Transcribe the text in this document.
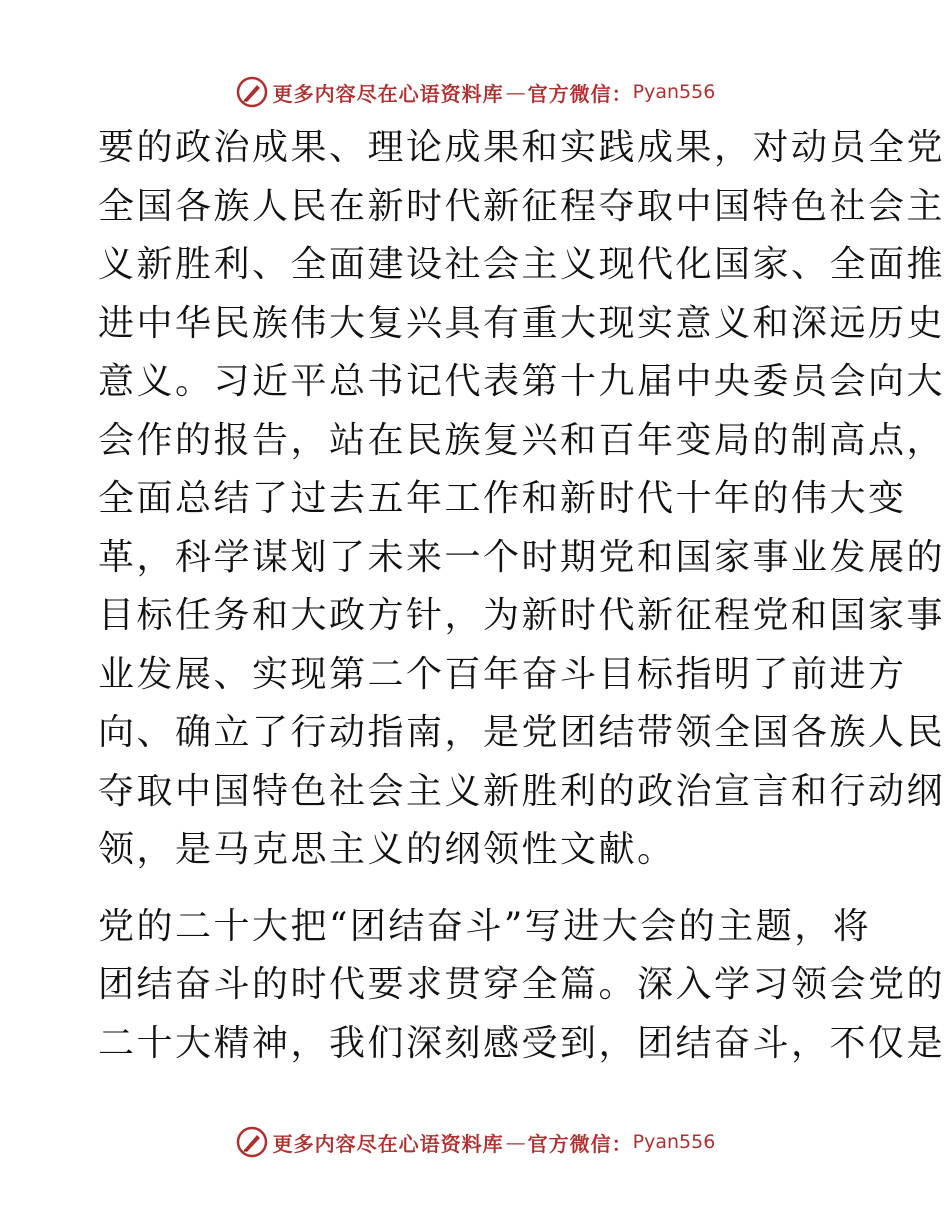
更多内容尽在心语资料库 — 官方微信： Pyan556
要的政治成果、理论成果和实践成果，对动员全党
全国各族人民在新时代新征程夺取中国特色社会主
义新胜利、全面建设社会主义现代化国家、全面推
进中华民族伟大复兴具有重大现实意义和深远历史
意义。习近平总书记代表第十九届中央委员会向大
会作的报告，站在民族复兴和百年变局的制高点，
全面总结了过去五年工作和新时代十年的伟大变
革，科学谋划了未来一个时期党和国家事业发展的
目标任务和大政方针，为新时代新征程党和国家事
业发展、实现第二个百年奋斗目标指明了前进方
向、确立了行动指南，是党团结带领全国各族人民
夺取中国特色社会主义新胜利的政治宣言和行动纲
领，是马克思主义的纲领性文献。
党的二十大把“团结奋斗”写进大会的主题，将
团结奋斗的时代要求贯穿全篇。深入学习领会党的
二十大精神，我们深刻感受到，团结奋斗，不仅是
更多内容尽在心语资料库 — 官方微信： Pyan556
